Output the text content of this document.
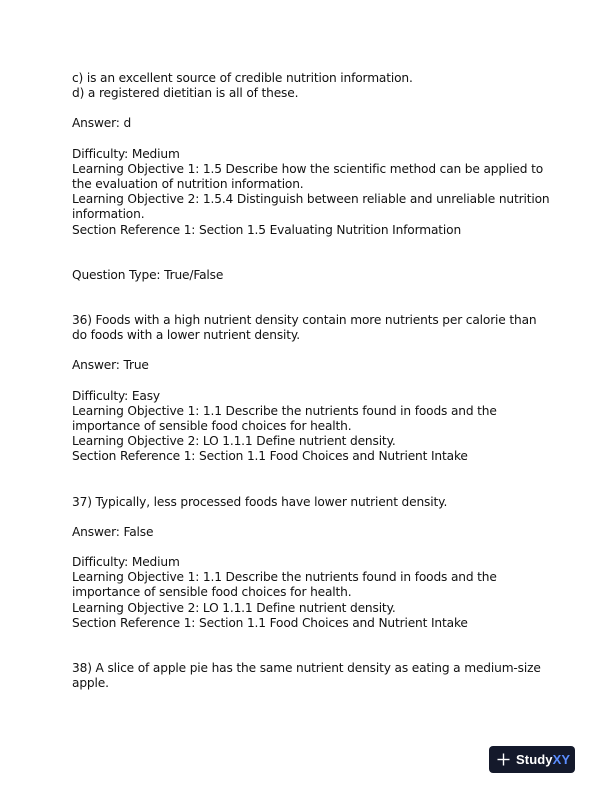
c) is an excellent source of credible nutrition information.
d) a registered dietitian is all of these.
Answer: d
Difficulty: Medium
Learning Objective 1: 1.5 Describe how the scientific method can be applied to the evaluation of nutrition information.
Learning Objective 2: 1.5.4 Distinguish between reliable and unreliable nutrition information.
Section Reference 1: Section 1.5 Evaluating Nutrition Information
Question Type: True/False
36) Foods with a high nutrient density contain more nutrients per calorie than do foods with a lower nutrient density.
Answer: True
Difficulty: Easy
Learning Objective 1: 1.1 Describe the nutrients found in foods and the importance of sensible food choices for health.
Learning Objective 2: LO 1.1.1 Define nutrient density.
Section Reference 1: Section 1.1 Food Choices and Nutrient Intake
37) Typically, less processed foods have lower nutrient density.
Answer: False
Difficulty: Medium
Learning Objective 1: 1.1 Describe the nutrients found in foods and the importance of sensible food choices for health.
Learning Objective 2: LO 1.1.1 Define nutrient density.
Section Reference 1: Section 1.1 Food Choices and Nutrient Intake
38) A slice of apple pie has the same nutrient density as eating a medium-size apple.
StudyXY
